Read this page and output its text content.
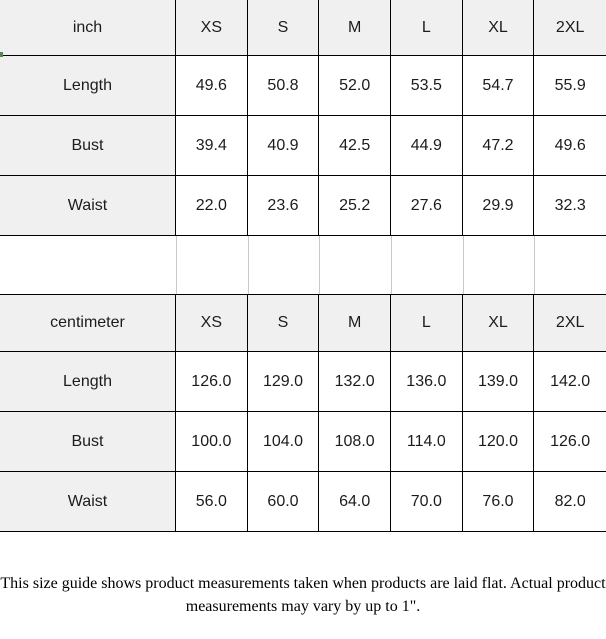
inch	XS	S	M	L	XL	2XL
Length	49.6	50.8	52.0	53.5	54.7	55.9
Bust	39.4	40.9	42.5	44.9	47.2	49.6
Waist	22.0	23.6	25.2	27.6	29.9	32.3
centimeter	XS	S	M	L	XL	2XL
Length	126.0	129.0	132.0	136.0	139.0	142.0
Bust	100.0	104.0	108.0	114.0	120.0	126.0
Waist	56.0	60.0	64.0	70.0	76.0	82.0
This size guide shows product measurements taken when products are laid flat. Actual product
measurements may vary by up to 1".
